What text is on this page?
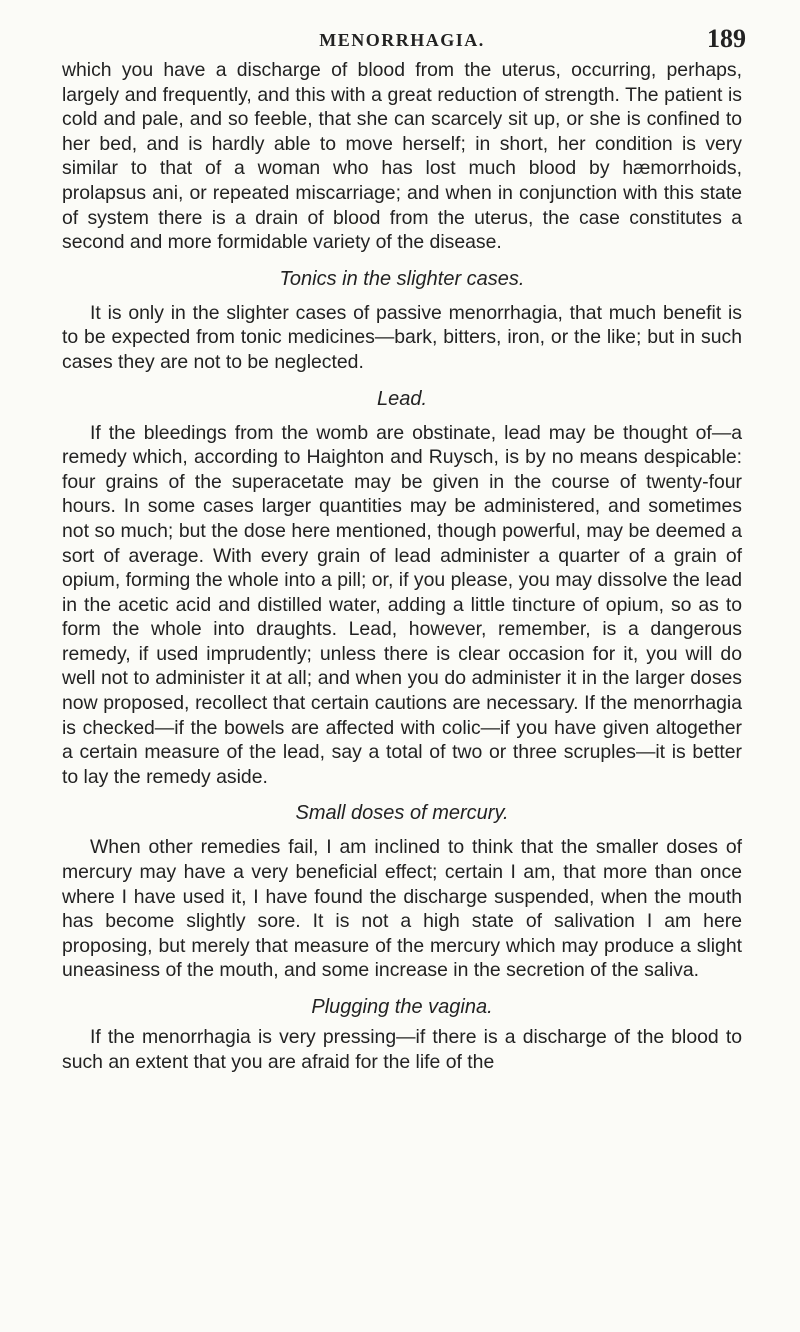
MENORRHAGIA.	189

which you have a discharge of blood from the uterus, occurring, perhaps, largely and frequently, and this with a great reduction of strength. The patient is cold and pale, and so feeble, that she can scarcely sit up, or she is confined to her bed, and is hardly able to move herself; in short, her condition is very similar to that of a woman who has lost much blood by hæmorrhoids, prolapsus ani, or repeated miscarriage; and when in conjunction with this state of system there is a drain of blood from the uterus, the case constitutes a second and more formidable variety of the disease.

Tonics in the slighter cases.

It is only in the slighter cases of passive menorrhagia, that much benefit is to be expected from tonic medicines—bark, bitters, iron, or the like; but in such cases they are not to be neglected.

Lead.

If the bleedings from the womb are obstinate, lead may be thought of—a remedy which, according to Haighton and Ruysch, is by no means despicable: four grains of the superacetate may be given in the course of twenty-four hours. In some cases larger quantities may be administered, and sometimes not so much; but the dose here mentioned, though powerful, may be deemed a sort of average. With every grain of lead administer a quarter of a grain of opium, forming the whole into a pill; or, if you please, you may dissolve the lead in the acetic acid and distilled water, adding a little tincture of opium, so as to form the whole into draughts. Lead, however, remember, is a dangerous remedy, if used imprudently; unless there is clear occasion for it, you will do well not to administer it at all; and when you do administer it in the larger doses now proposed, recollect that certain cautions are necessary. If the menorrhagia is checked—if the bowels are affected with colic—if you have given altogether a certain measure of the lead, say a total of two or three scruples—it is better to lay the remedy aside.

Small doses of mercury.

When other remedies fail, I am inclined to think that the smaller doses of mercury may have a very beneficial effect; certain I am, that more than once where I have used it, I have found the discharge suspended, when the mouth has become slightly sore. It is not a high state of salivation I am here proposing, but merely that measure of the mercury which may produce a slight uneasiness of the mouth, and some increase in the secretion of the saliva.

Plugging the vagina.

If the menorrhagia is very pressing—if there is a discharge of the blood to such an extent that you are afraid for the life of the
